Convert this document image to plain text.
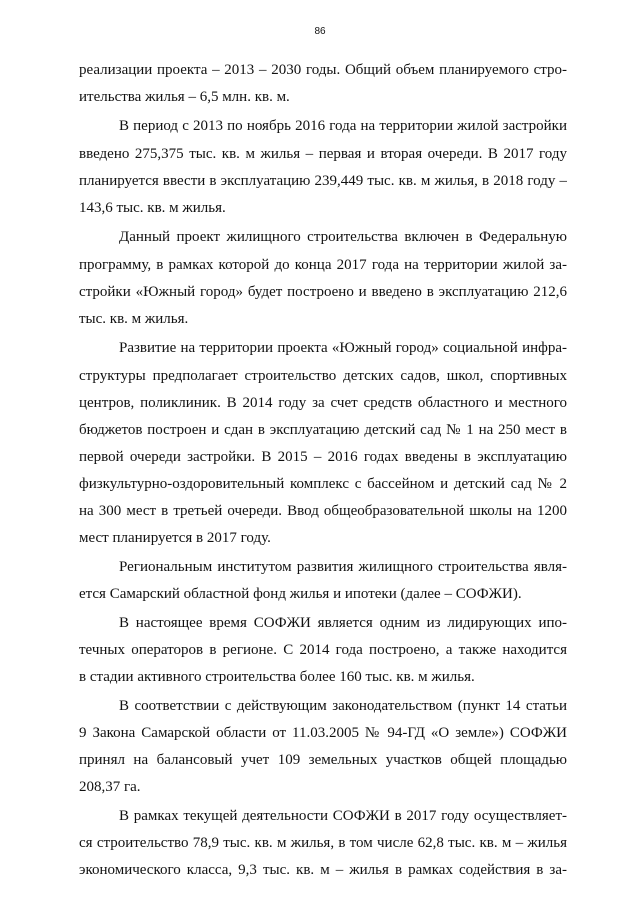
86
реализации проекта – 2013 – 2030 годы. Общий объем планируемого стро-
ительства жилья – 6,5 млн. кв. м.
В период с 2013 по ноябрь 2016 года на территории жилой застройки
введено 275,375 тыс. кв. м жилья – первая и вторая очереди. В 2017 году
планируется ввести в эксплуатацию 239,449 тыс. кв. м жилья, в 2018 году –
143,6 тыс. кв. м жилья.
Данный проект жилищного строительства включен в Федеральную
программу, в рамках которой до конца 2017 года на территории жилой за-
стройки «Южный город» будет построено и введено в эксплуатацию 212,6
тыс. кв. м жилья.
Развитие на территории проекта «Южный город» социальной инфра-
структуры предполагает строительство детских садов, школ, спортивных
центров, поликлиник. В 2014 году за счет средств областного и местного
бюджетов построен и сдан в эксплуатацию детский сад № 1 на 250 мест в
первой очереди застройки. В 2015 – 2016 годах введены в эксплуатацию
физкультурно-оздоровительный комплекс с бассейном и детский сад № 2
на 300 мест в третьей очереди. Ввод общеобразовательной школы на 1200
мест планируется в 2017 году.
Региональным институтом развития жилищного строительства явля-
ется Самарский областной фонд жилья и ипотеки (далее – СОФЖИ).
В настоящее время СОФЖИ является одним из лидирующих ипо-
течных операторов в регионе. С 2014 года построено, а также находится
в стадии активного строительства более 160 тыс. кв. м жилья.
В соответствии с действующим законодательством (пункт 14 статьи
9 Закона Самарской области от 11.03.2005 № 94-ГД «О земле») СОФЖИ
принял на балансовый учет 109 земельных участков общей площадью
208,37 га.
В рамках текущей деятельности СОФЖИ в 2017 году осуществляет-
ся строительство 78,9 тыс. кв. м жилья, в том числе 62,8 тыс. кв. м – жилья
экономического класса, 9,3 тыс. кв. м – жилья в рамках содействия в за-
